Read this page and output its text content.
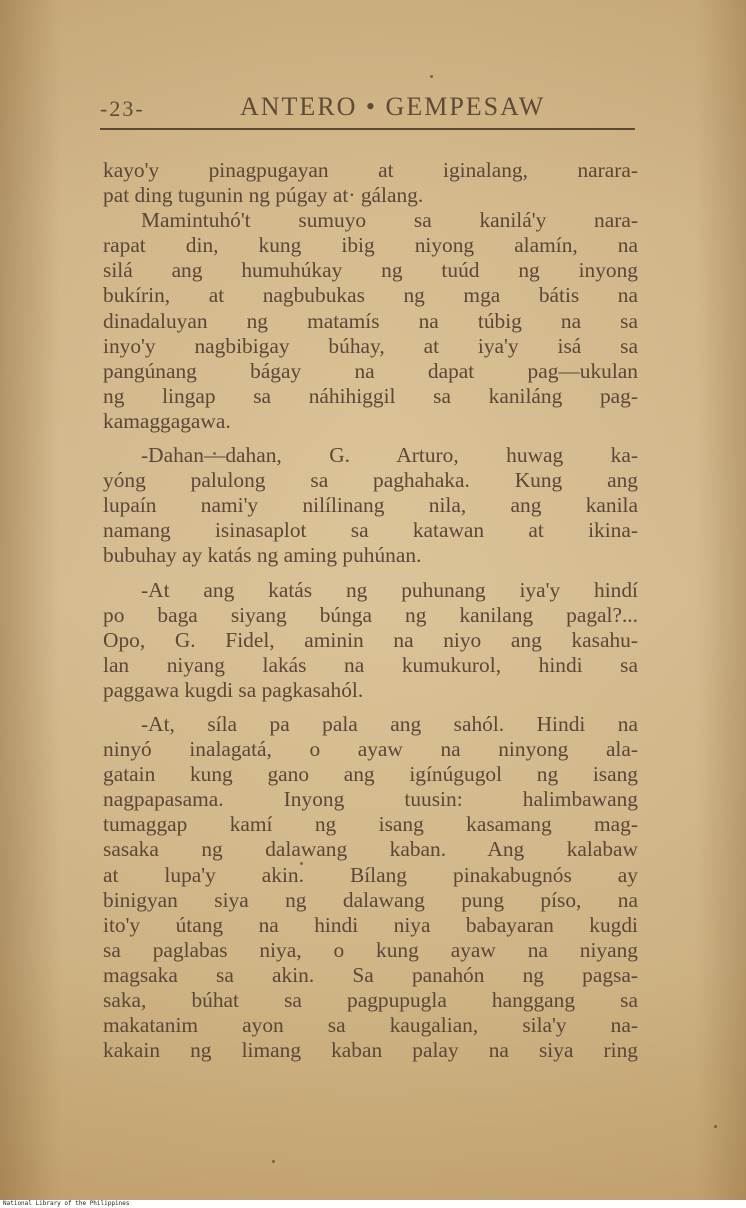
-23-	ANTERO • GEMPESAW
kayo'y pinagpugayan at iginalang, narara-
pat ding tugunin ng púgay at· gálang.
Mamintuhó't sumuyo sa kanilá'y nara-
rapat din, kung ibig niyong alamín, na
silá ang humuhúkay ng tuúd ng inyong
bukírin, at nagbubukas ng mga bátis na
dinadaluyan ng matamís na túbig na sa
inyo'y nagbibigay búhay, at iya'y isá sa
pangúnang bágay na dapat pag—ukulan
ng lingap sa náhihiggil sa kaniláng pag-
kamaggagawa.
-Dahan—dahan, G. Arturo, huwag ka-
yóng palulong sa paghahaka. Kung ang
lupaín nami'y nilílinang nila, ang kanila
namang isinasaplot sa katawan at ikina-
bubuhay ay katás ng aming puhúnan.
-At ang katás ng puhunang iya'y hindí
po baga siyang búnga ng kanilang pagal?...
Opo, G. Fidel, aminin na niyo ang kasahu-
lan niyang lakás na kumukurol, hindi sa
paggawa kugdi sa pagkasahól.
-At, síla pa pala ang sahól. Hindi na
ninyó inalagatá, o ayaw na ninyong ala-
gatain kung gano ang igínúgugol ng isang
nagpapasama. Inyong tuusin: halimbawang
tumaggap kamí ng isang kasamang mag-
sasaka ng dalawang kaban. Ang kalabaw
at lupa'y akin. Bílang pinakabugnós ay
binigyan siya ng dalawang pung píso, na
ito'y útang na hindi niya babayaran kugdi
sa paglabas niya, o kung ayaw na niyang
magsaka sa akin. Sa panahón ng pagsa-
saka, búhat sa pagpupugla hanggang sa
makatanim ayon sa kaugalian, sila'y na-
kakain ng limang kaban palay na siya ring
National Library of the Philippines
